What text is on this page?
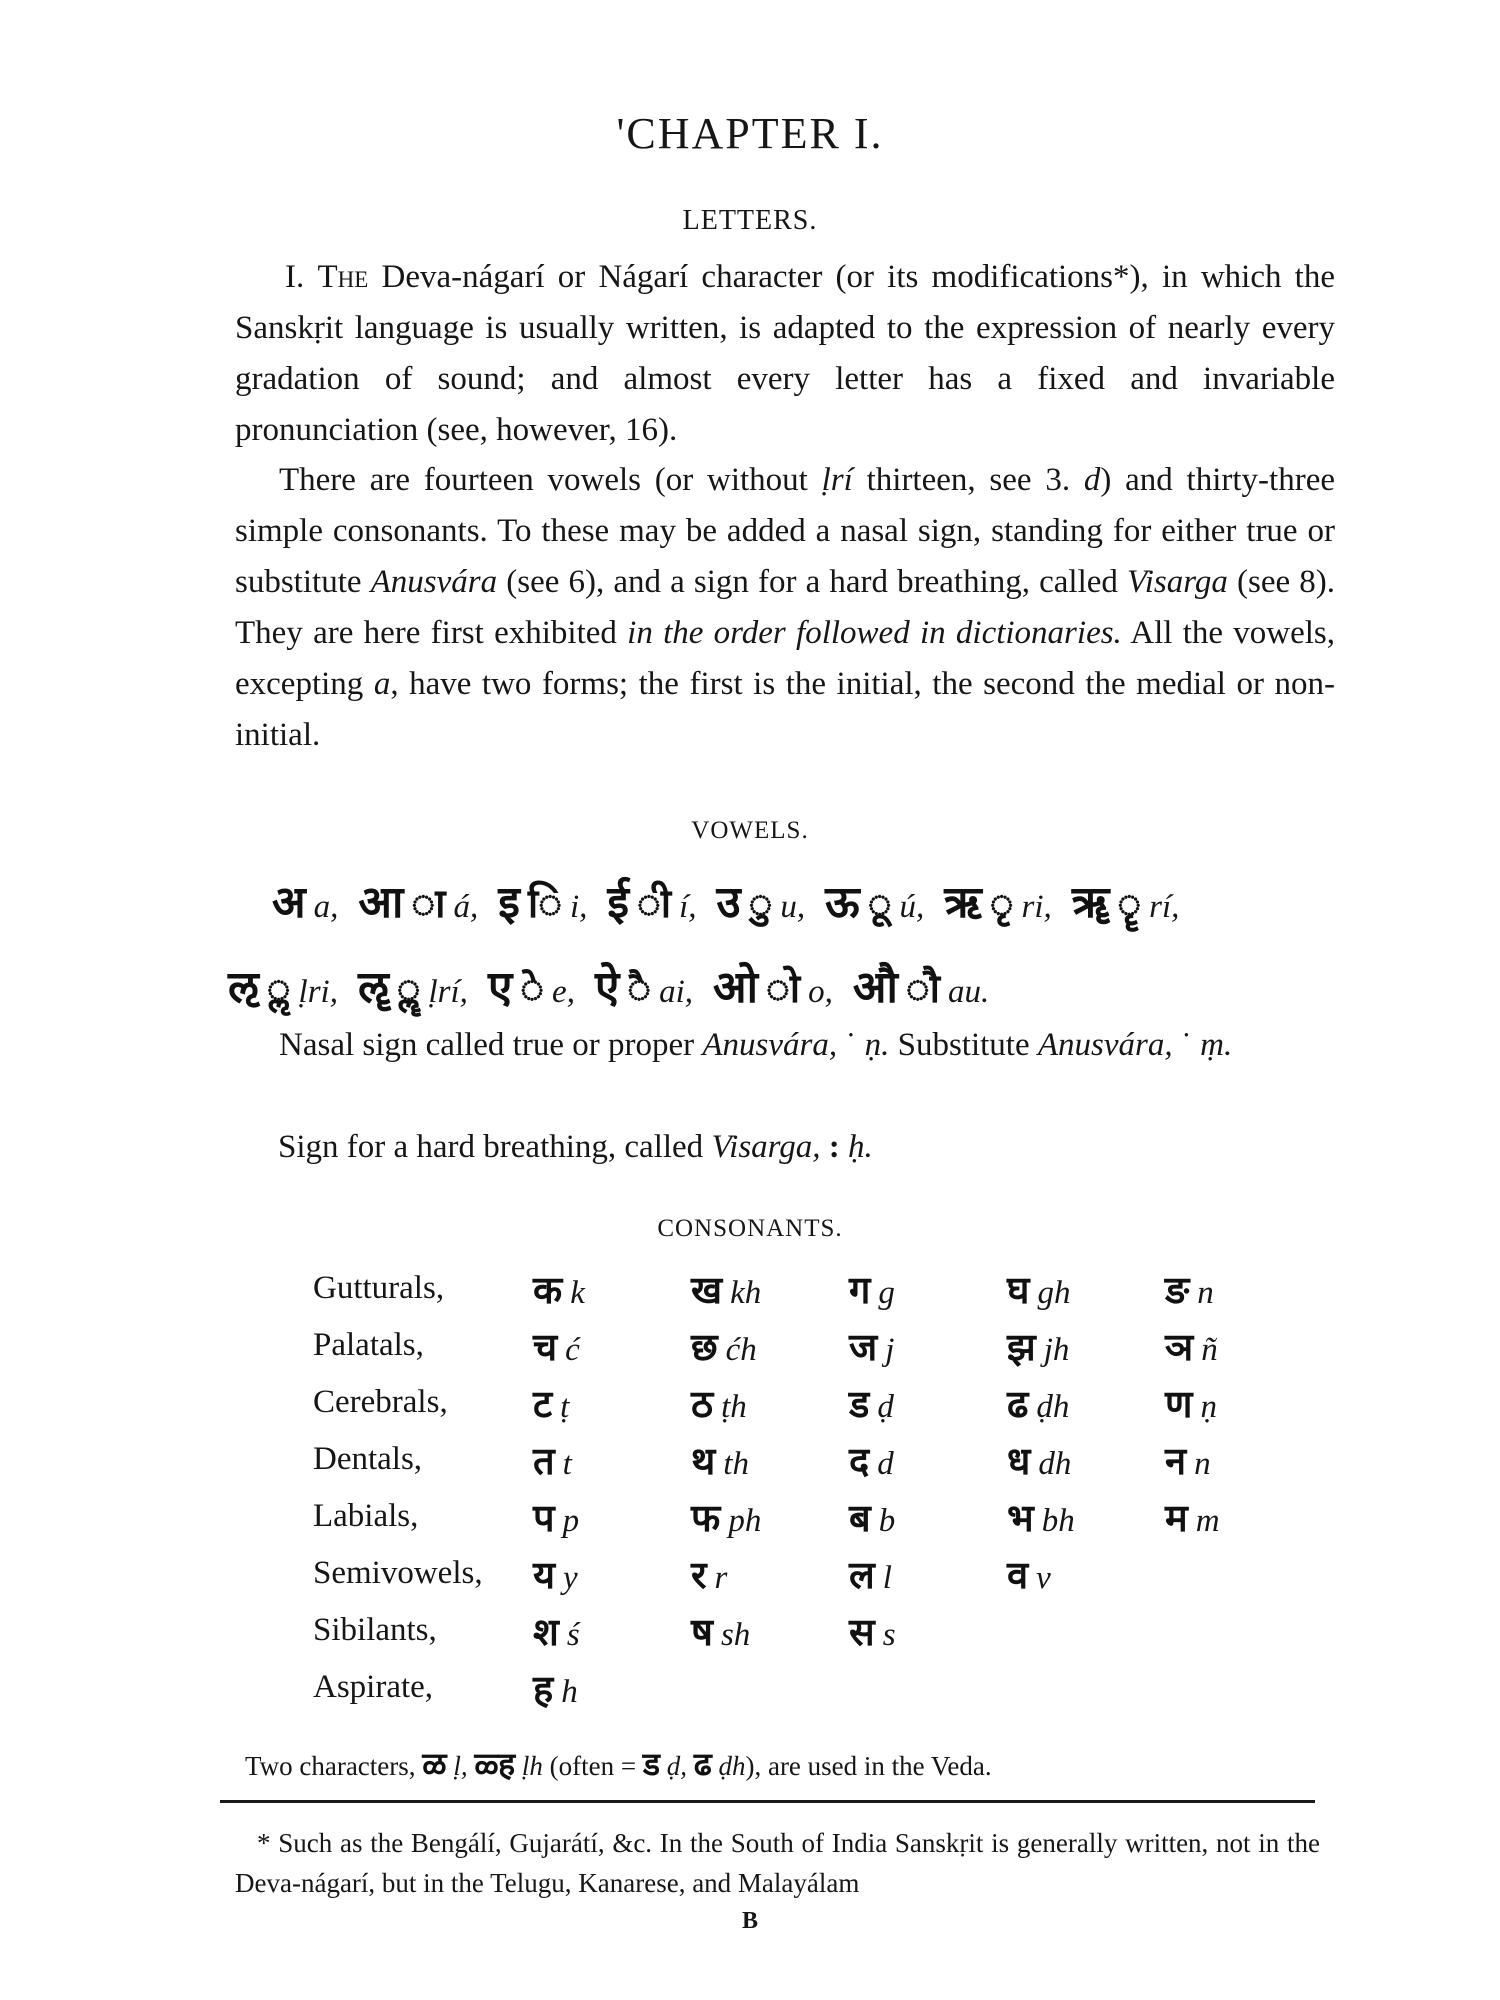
'CHAPTER I.
LETTERS.
I. The Deva-nágarí or Nágarí character (or its modifications*), in which the Sanskṛit language is usually written, is adapted to the expression of nearly every gradation of sound; and almost every letter has a fixed and invariable pronunciation (see, however, 16).
There are fourteen vowels (or without ḷrí thirteen, see 3. d) and thirty-three simple consonants. To these may be added a nasal sign, standing for either true or substitute Anusvára (see 6), and a sign for a hard breathing, called Visarga (see 8). They are here first exhibited in the order followed in dictionaries. All the vowels, excepting a, have two forms; the first is the initial, the second the medial or non-initial.
VOWELS.
अ a, आ ◌ा á, इ ◌ि i, ई ◌ी í, उ ◌ु u, ऊ ◌ू ú, ऋ ◌ृ ri, ॠ ◌ॄ rí,
ऌ ◌ॢ ḷri, ॡ ◌ॣ ḷrí, ए ◌े e, ऐ ◌ै ai, ओ ◌ो o, औ ◌ौ au.
Nasal sign called true or proper Anusvára, ˙ ṇ. Substitute Anusvára, ˙ ṃ.
Sign for a hard breathing, called Visarga, : ḥ.
CONSONANTS.
Gutturals,	क k	ख kh	ग g	घ gh	ङ n
Palatals,	च ć	छ ćh	ज j	झ jh	ञ ñ
Cerebrals,	ट ṭ	ठ ṭh	ड ḍ	ढ ḍh	ण ṇ
Dentals,	त t	थ th	द d	ध dh	न n
Labials,	प p	फ ph	ब b	भ bh	म m
Semivowels,	य y	र r	ल l	व v	
Sibilants,	श ś	ष sh	स s		
Aspirate,	ह h				
Two characters, ळ ḷ, ळ्ह ḷh (often = ड ḍ, ढ ḍh), are used in the Veda.
* Such as the Bengálí, Gujarátí, &c. In the South of India Sanskṛit is generally written, not in the Deva-nágarí, but in the Telugu, Kanarese, and Malayálam
B
